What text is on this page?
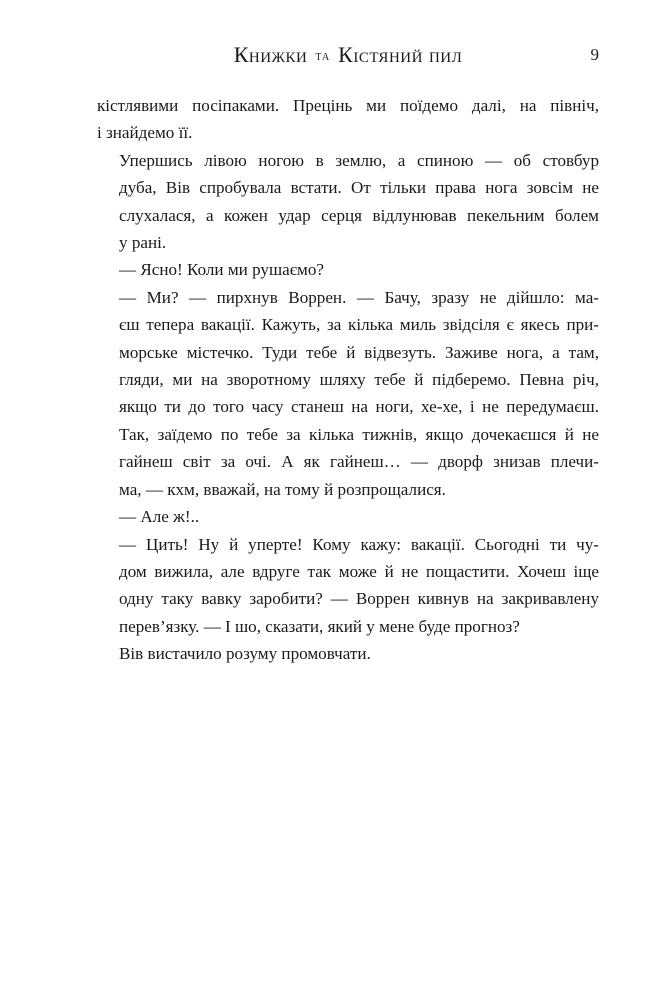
Книжки та Кістяний пил	9

кістлявими посіпаками. Прецінь ми поїдемо далі, на північ,
і знайдемо її.

Упершись лівою ногою в землю, а спиною — об стовбур
дуба, Вів спробувала встати. От тільки права нога зовсім не
слухалася, а кожен удар серця відлунював пекельним болем
у рані.

— Ясно! Коли ми рушаємо?

— Ми? — пирхнув Воррен. — Бачу, зразу не дійшло: ма-
єш тепера вакації. Кажуть, за кілька миль звідсіля є якесь при-
морське містечко. Туди тебе й відвезуть. Заживе нога, а там,
гляди, ми на зворотному шляху тебе й підберемо. Певна річ,
якщо ти до того часу станеш на ноги, хе-хе, і не передумаєш.
Так, заїдемо по тебе за кілька тижнів, якщо дочекаєшся й не
гайнеш світ за очі. А як гайнеш… — дворф знизав плечи-
ма, — кхм, вважай, на тому й розпрощалися.

— Але ж!..

— Цить! Ну й уперте! Кому кажу: вакації. Сьогодні ти чу-
дом вижила, але вдруге так може й не пощастити. Хочеш іще
одну таку вавку заробити? — Воррен кивнув на закривавлену
перев’язку. — І шо, сказати, який у мене буде прогноз?

Вів вистачило розуму промовчати.
